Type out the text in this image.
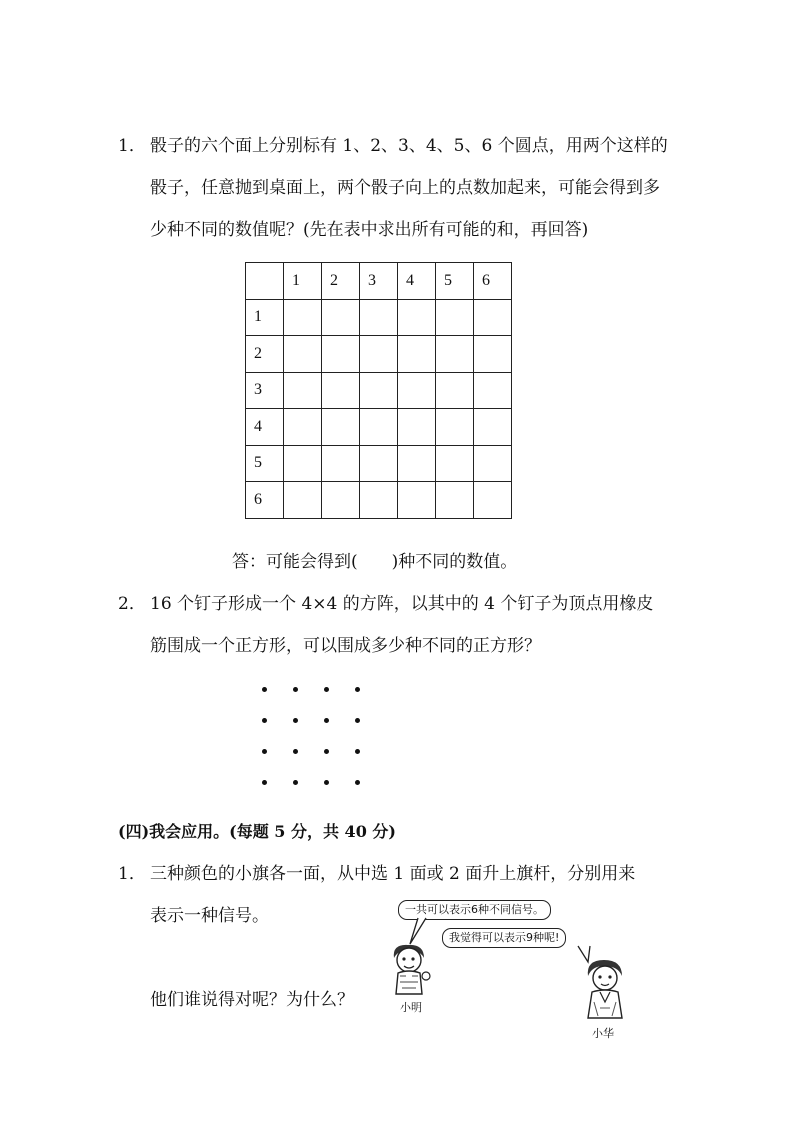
1． 骰子的六个面上分别标有 1、2、3、4、5、6 个圆点，用两个这样的
骰子，任意抛到桌面上，两个骰子向上的点数加起来，可能会得到多
少种不同的数值呢？(先在表中求出所有可能的和，再回答)
	1	2	3	4	5	6
1						
2						
3						
4						
5						
6						
答：可能会得到(　　)种不同的数值。
2． 16 个钉子形成一个 4×4 的方阵，以其中的 4 个钉子为顶点用橡皮
筋围成一个正方形，可以围成多少种不同的正方形？
(四)我会应用。(每题 5 分，共 40 分)
1． 三种颜色的小旗各一面，从中选 1 面或 2 面升上旗杆，分别用来
表示一种信号。
他们谁说得对呢？为什么？
一共可以表示6种不同信号。
我觉得可以表示9种呢!
小明
小华
